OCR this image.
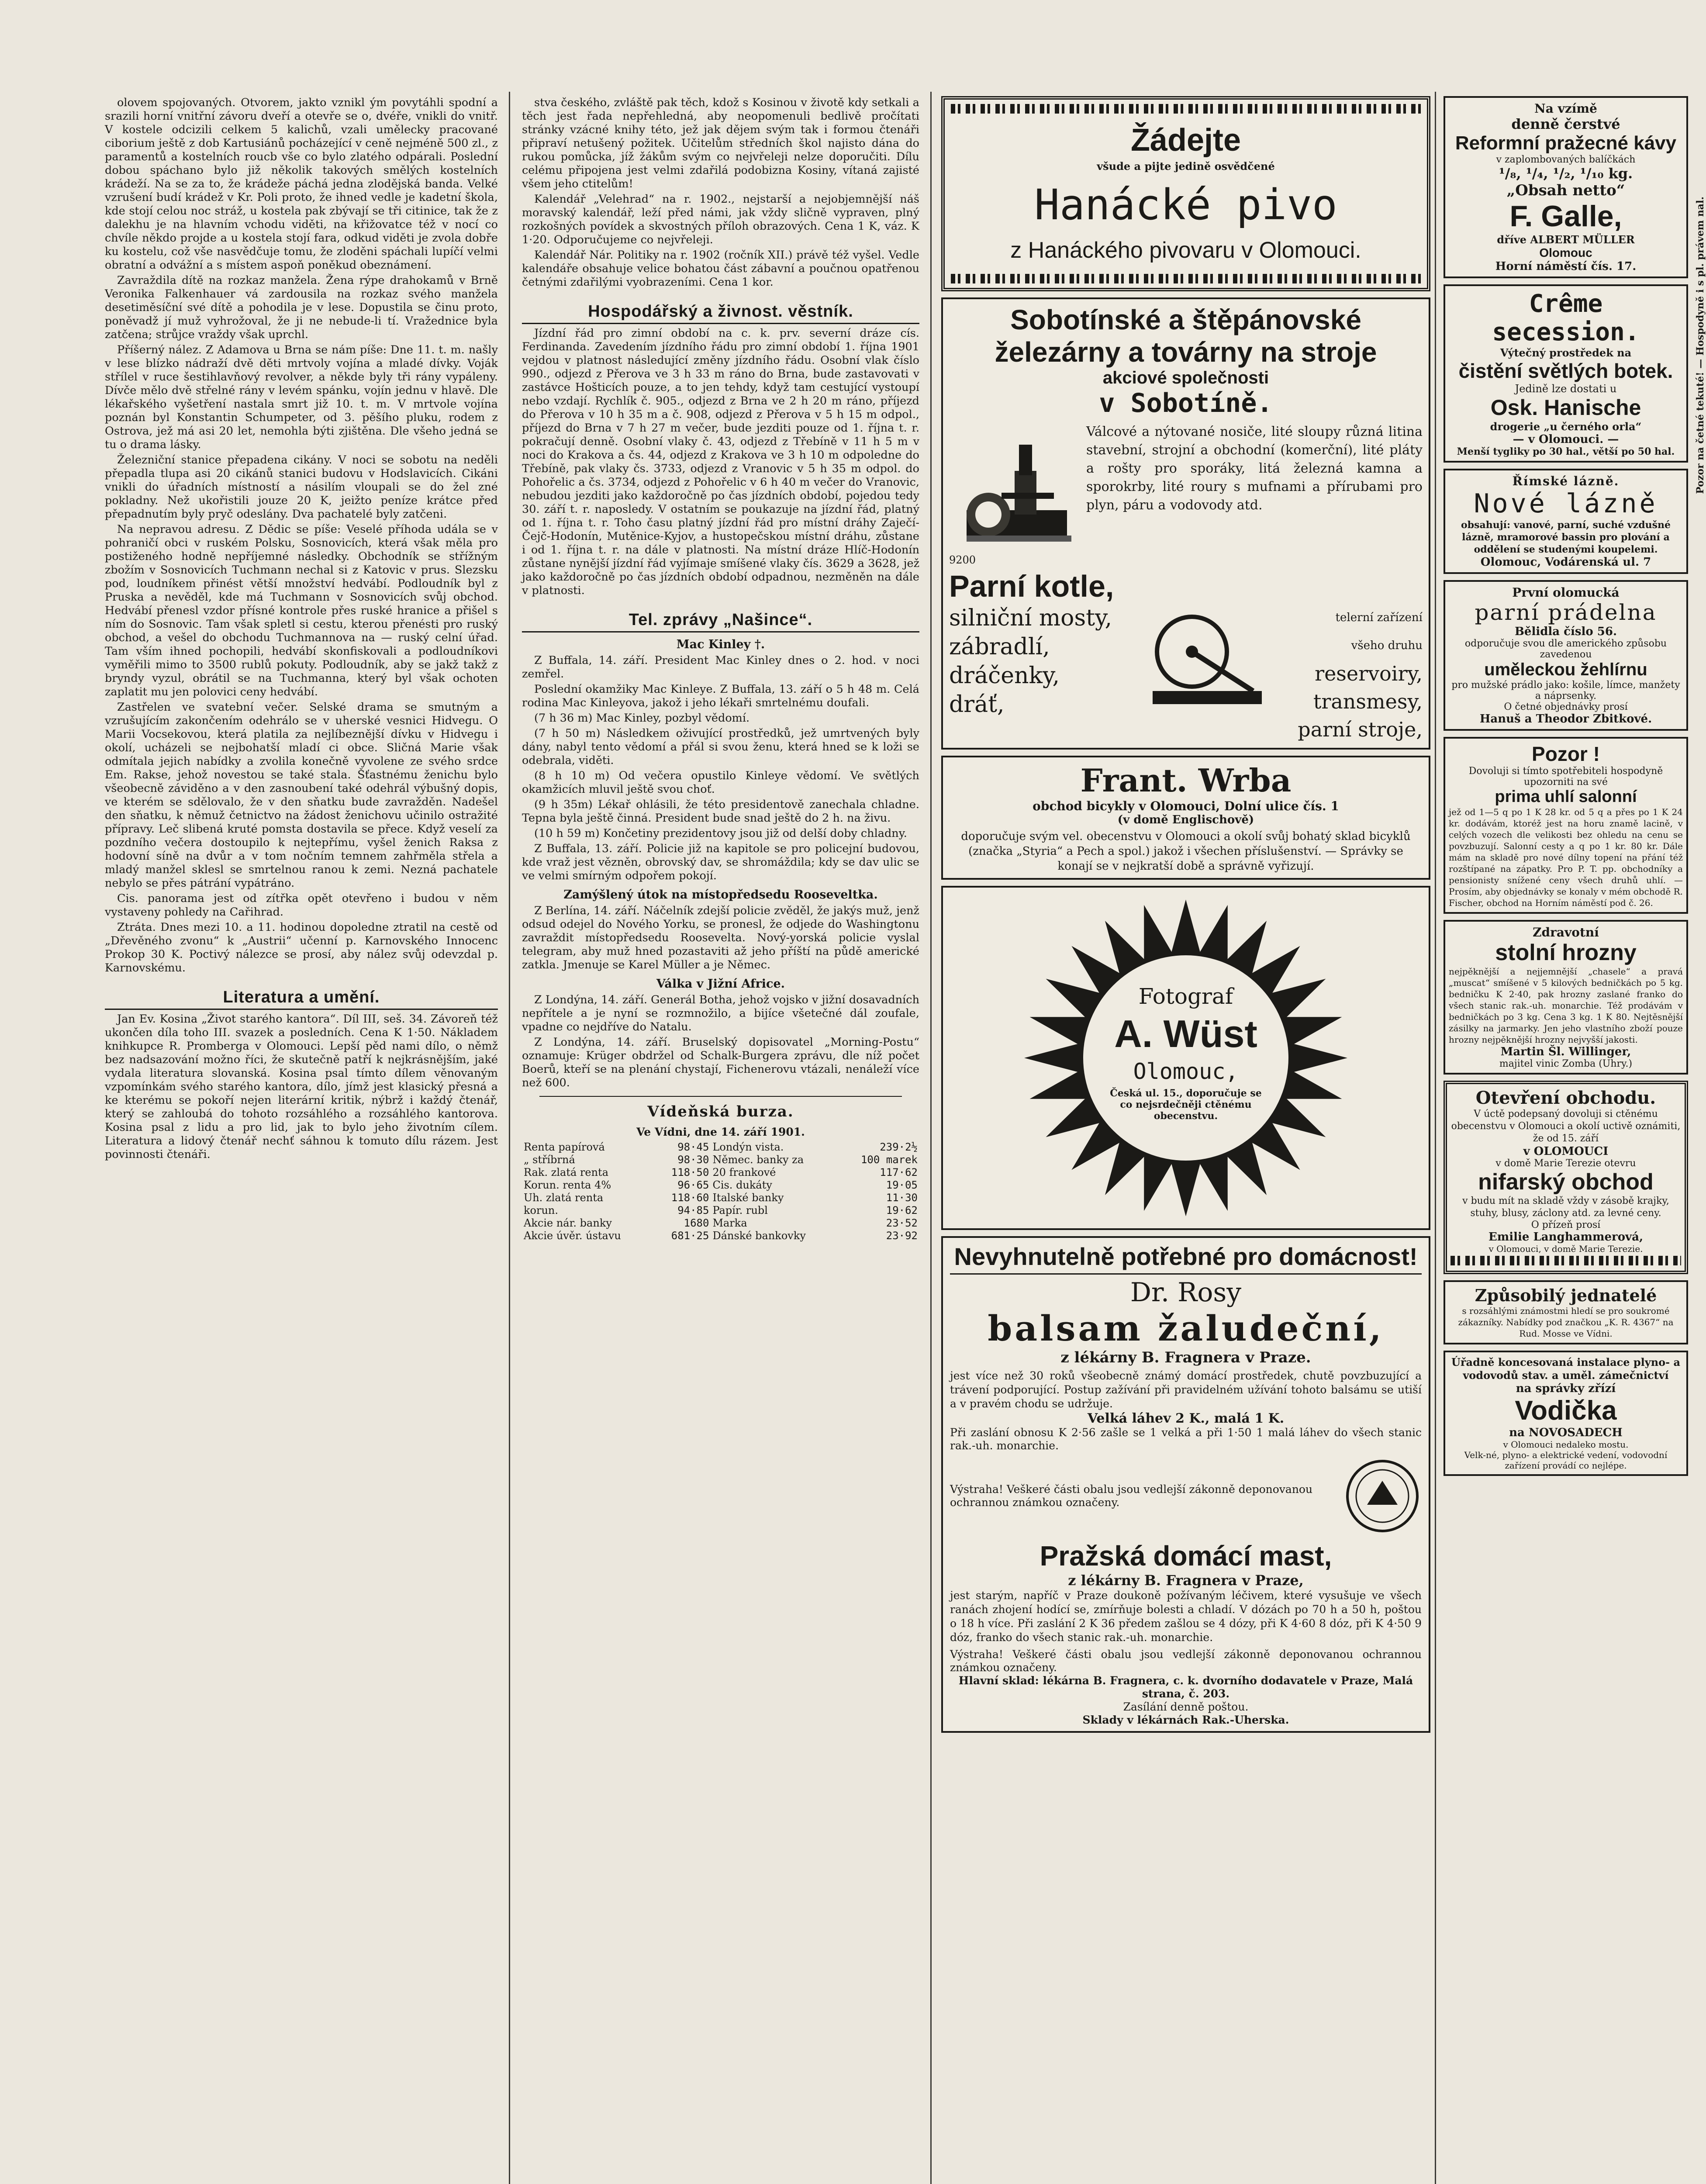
olovem spojovaných. Otvorem, jakto vznikl ým povytáhli spodní a srazili horní vnitřní závoru dveří a otevře se o, dvéře, vnikli do vnitř. V kostele odcizili celkem 5 kalichů, vzali umělecky pracované ciborium ještě z dob Kartusiánů pocházející v ceně nejméně 500 zl., z paramentů a kostelních roucb vše co bylo zlatého odpárali. Poslední dobou spáchano bylo již několik takových smělých kostelních krádeží. Na se za to, že krádeže páchá jedna zlodějská banda. Velké vzrušení budí krádež v Kr. Poli proto, že ihned vedle je kadetní škola, kde stojí celou noc stráž, u kostela pak zbývají se tři citinice, tak že z dalekhu je na hlavním vchodu viděti, na křižovatce též v nocí co chvíle někdo projde a u kostela stojí fara, odkud viděti je zvola dobře ku kostelu, což vše nasvědčuje tomu, že zloděni spáchali lupíčí velmi obratní a odvážní a s místem aspoň poněkud obeznámení.

Zavraždila dítě na rozkaz manžela. Žena rýpe drahokamů v Brně Veronika Falkenhauer vá zardousila na rozkaz svého manžela desetiměsíční své dítě a pohodila je v lese. Dopustila se činu proto, poněvadž jí muž vyhrožoval, že ji ne nebude-li tí. Vražednice byla zatčena; strůjce vraždy však uprchl.

Příšerný nález. Z Adamova u Brna se nám píše: Dne 11. t. m. našly v lese blízko nádraží dvě děti mrtvoly vojína a mladé dívky. Voják střílel v ruce šestihlavňový revolver, a někde byly tři rány vypáleny. Dívče mělo dvě střelné rány v levém spánku, vojín jednu v hlavě. Dle lékařského vyšetření nastala smrt již 10. t. m. V mrtvole vojína poznán byl Konstantin Schumpeter, od 3. pěšího pluku, rodem z Ostrova, jež má asi 20 let, nemohla býti zjištěna. Dle všeho jedná se tu o drama lásky.

Železniční stanice přepadena cikány. V noci se sobotu na neděli přepadla tlupa asi 20 cikánů stanici budovu v Hodslavicích. Cikáni vnikli do úřadních místností a násilím vloupali se do žel zné pokladny. Než ukořistili jouze 20 K, jeižto peníze krátce před přepadnutím byly pryč odeslány. Dva pachatelé byly zatčeni.

Na nepravou adresu. Z Dědic se píše: Veselé příhoda udála se v pohraničí obci v ruském Polsku, Sosnovicích, která však měla pro postiženého hodně nepříjemné následky. Obchodník se střížným zbožím v Sosnovicích Tuchmann nechal si z Katovic v prus. Slezsku pod, loudníkem přinést větší množství hedvábí. Podloudník byl z Pruska a nevěděl, kde má Tuchmann v Sosnovicích svůj obchod. Hedvábí přenesl vzdor přísné kontrole přes ruské hranice a přišel s ním do Sosnovic. Tam však spletl si cestu, kterou přenésti pro ruský obchod, a vešel do obchodu Tuchmannova na — ruský celní úřad. Tam vším ihned pochopili, hedvábí skonfiskovali a podloudníkovi vyměřili mimo to 3500 rublů pokuty. Podloudník, aby se jakž takž z bryndy vyzul, obrátil se na Tuchmanna, který byl však ochoten zaplatit mu jen polovici ceny hedvábí.

Zastřelen ve svatební večer. Selské drama se smutným a vzrušujícím zakončením odehrálo se v uherské vesnici Hidvegu. O Marii Vocsekovou, která platila za nejlíbeznější dívku v Hidvegu i okolí, ucházeli se nejbohatší mladí ci obce. Sličná Marie však odmítala jejich nabídky a zvolila konečně vyvolene ze svého srdce Em. Rakse, jehož novestou se také stala. Šťastnému ženichu bylo všeobecně záviděno a v den zasnoubení také odehrál výbušný dopis, ve kterém se sdělovalo, že v den sňatku bude zavražděn. Nadešel den sňatku, k němuž četnictvo na žádost ženichovu učinilo ostražité přípravy. Leč slibená kruté pomsta dostavila se přece. Když veselí za pozdního večera dostoupilo k nejtepřímu, vyšel ženich Raksa z hodovní síně na dvůr a v tom nočním temnem zahřměla střela a mladý manžel sklesl se smrtelnou ranou k zemi. Nezná pachatele nebylo se přes pátrání vypátráno.

Cis. panorama jest od zítřka opět otevřeno i budou v něm vystaveny pohledy na Cařihrad.

Ztráta. Dnes mezi 10. a 11. hodinou dopoledne ztratil na cestě od „Dřevěného zvonu“ k „Austrii“ učenní p. Karnovského Innocenc Prokop 30 K. Poctivý nálezce se prosí, aby nález svůj odevzdal p. Karnovskému.

Literatura a umění.

Jan Ev. Kosina „Život starého kantora“. Díl III, seš. 34. Závoreň též ukončen díla toho III. svazek a posledních. Cena K 1·50. Nákladem knihkupce R. Promberga v Olomouci. Lepší pěd nami dílo, o němž bez nadsazování možno říci, že skutečně patří k nejkrásnějším, jaké vydala literatura slovanská. Kosina psal tímto dílem věnovaným vzpomínkám svého starého kantora, dílo, jímž jest klasický přesná a ke kterému se pokoří nejen literární kritik, nýbrž i každý čtenář, který se zahloubá do tohoto rozsáhlého a rozsáhlého kantorova. Kosina psal z lidu a pro lid, jak to bylo jeho životním cílem. Literatura a lidový čtenář nechť sáhnou k tomuto dílu rázem. Jest povinnosti čtenáři.

stva českého, zvláště pak těch, kdož s Kosinou v životě kdy setkali a těch jest řada nepřehledná, aby neopomenuli bedlivě pročítati stránky vzácné knihy této, jež jak dějem svým tak i formou čtenáři připraví netušený požitek. Učitelům středních škol najisto dána do rukou pomůcka, jíž žákům svým co nejvřeleji nelze doporučiti. Dílu celému připojena jest velmi zdařilá podobizna Kosiny, vítaná zajisté všem jeho ctitelům!

Kalendář „Velehrad“ na r. 1902., nejstarší a nejobjemnější náš moravský kalendář, leží před námi, jak vždy sličně vypraven, plný rozkošných povídek a skvostných příloh obrazových. Cena 1 K, váz. K 1·20. Odporučujeme co nejvřeleji.

Kalendář Nár. Politiky na r. 1902 (ročník XII.) právě též vyšel. Vedle kalendáře obsahuje velice bohatou část zábavní a poučnou opatřenou četnými zdařilými vyobrazeními. Cena 1 kor.

Hospodářský a živnost. věstník.

Jízdní řád pro zimní období na c. k. prv. severní dráze cís. Ferdinanda. Zavedením jízdního řádu pro zimní období 1. října 1901 vejdou v platnost následující změny jízdního řádu. Osobní vlak číslo 990., odjezd z Přerova ve 3 h 33 m ráno do Brna, bude zastavovati v zastávce Hošticích pouze, a to jen tehdy, když tam cestující vystoupí nebo vzdají. Rychlík č. 905., odjezd z Brna ve 2 h 20 m ráno, příjezd do Přerova v 10 h 35 m a č. 908, odjezd z Přerova v 5 h 15 m odpol., příjezd do Brna v 7 h 27 m večer, bude jezditi pouze od 1. října t. r. pokračují denně. Osobní vlaky č. 43, odjezd z Třebíně v 11 h 5 m v noci do Krakova a čs. 44, odjezd z Krakova ve 3 h 10 m odpoledne do Třebíně, pak vlaky čs. 3733, odjezd z Vranovic v 5 h 35 m odpol. do Pohořelic a čs. 3734, odjezd z Pohořelic v 6 h 40 m večer do Vranovic, nebudou jezditi jako každoročně po čas jízdních období, pojedou tedy 30. září t. r. naposledy. V ostatním se poukazuje na jízdní řád, platný od 1. října t. r. Toho času platný jízdní řád pro místní dráhy Zaječí-Čejč-Hodonín, Mutěnice-Kyjov, a hustopečskou místní dráhu, zůstane i od 1. října t. r. na dále v platnosti. Na místní dráze Hlíč-Hodonín zůstane nynější jízdní řád vyjímaje smíšené vlaky čís. 3629 a 3628, jež jako každoročně po čas jízdních období odpadnou, nezměněn na dále v platnosti.

Tel. zprávy „Našince“.
Mac Kinley †.

Z Buffala, 14. září. President Mac Kinley dnes o 2. hod. v noci zemřel.

Poslední okamžiky Mac Kinleye. Z Buffala, 13. září o 5 h 48 m. Celá rodina Mac Kinleyova, jakož i jeho lékaři smrtelnému doufali.

(7 h 36 m) Mac Kinley, pozbyl vědomí.

(7 h 50 m) Následkem oživující prostředků, jež umrtvených byly dány, nabyl tento vědomí a přál si svou ženu, která hned se k loži se odebrala, viděti.

(8 h 10 m) Od večera opustilo Kinleye vědomí. Ve světlých okamžicích mluvil ještě svou choť.

(9 h 35m) Lékař ohlásili, že této presidentově zanechala chladne. Tepna byla ještě činná. President bude snad ještě do 2 h. na živu.

(10 h 59 m) Končetiny prezidentovy jsou již od delší doby chladny.

Z Buffala, 13. září. Policie již na kapitole se pro policejní budovou, kde vraž jest vězněn, obrovský dav, se shromáždila; kdy se dav ulic se ve velmi smírným odpořem pokojí.

Zamýšlený útok na místopředsedu Rooseveltka.

Z Berlína, 14. září. Náčelník zdejší policie zvěděl, že jakýs muž, jenž odsud odejel do Nového Yorku, se pronesl, že odjede do Washingtonu zavraždit místopředsedu Roosevelta. Nový-yorská policie vyslal telegram, aby muž hned pozastaviti až jeho příští na půdě americké zatkla. Jmenuje se Karel Müller a je Němec.

Válka v Jižní Africe.

Z Londýna, 14. září. Generál Botha, jehož vojsko v jižní dosavadních nepřítele a je nyní se rozmnožilo, a bijíce všetečné dál zoufale, vpadne co nejdříve do Natalu.

Z Londýna, 14. září. Bruselský dopisovatel „Morning-Postu“ oznamuje: Krüger obdržel od Schalk-Burgera zprávu, dle níž počet Boerů, kteří se na plenání chystají, Fichenerovu vtázali, nenáleží více než 600.

Vídeňská burza.
Ve Vídni, dne 14. září 1901.
Renta papírová	98·45	Londýn vista.	239·2½
„ stříbrná	98·30	Němec. banky za	100 marek
Rak. zlatá renta	118·50	20 frankové	117·62
Korun. renta 4%	96·65	Cis. dukáty	19·05
Uh. zlatá renta	118·60	Italské banky	11·30
korun.	94·85	Papír. rubl	19·62
Akcie nár. banky	1680	Marka	23·52
Akcie úvěr. ústavu	681·25	Dánské bankovky	23·92
Žádejte
všude a pijte jedině osvědčené
Hanácké pivo
z Hanáckého pivovaru v Olomouci.
Sobotínské a štěpánovské
železárny a továrny na stroje
akciové společnosti
v Sobotíně.
Válcové a nýtované nosiče, lité sloupy různá litina stavební, strojní a obchodní (komerční), lité pláty a rošty pro sporáky, litá železná kamna a sporokrby, lité roury s mufnami a přírubami pro plyn, páru a vodovody atd.
9200
Parní kotle,
silniční mosty,
zábradlí,
dráčenky,
dráť,
telerní zařízení
všeho druhu
reservoiry,
transmesy,
parní stroje,
Frant. Wrba
obchod bicykly v Olomouci, Dolní ulice čís. 1
(v domě Englischově)
doporučuje svým vel. obecenstvu v Olomouci a okolí svůj bohatý sklad bicyklů (značka „Styria“ a Pech a spol.) jakož i všechen příslušenství. — Správky se konají se v nejkratší době a správně vyřizují.
Fotograf
A. Wüst
Olomouc,
Česká ul. 15., doporučuje se co nejsrdečněji ctěnému obecenstvu.
Nevyhnutelně potřebné pro domácnost!
Dr. Rosy
balsam žaludeční,
z lékárny B. Fragnera v Praze.
jest více než 30 roků všeobecně známý domácí prostředek, chutě povzbuzující a trávení podporující. Postup zažívání při pravidelném užívání tohoto balsámu se utiší a v pravém chodu se udržuje.
Velká láhev 2 K., malá 1 K.
Při zaslání obnosu K 2·56 zašle se 1 velká a při 1·50 1 malá láhev do všech stanic rak.-uh. monarchie.
Výstraha! Veškeré části obalu jsou vedlejší zákonně deponovanou ochrannou známkou označeny.
Pražská domácí mast,
z lékárny B. Fragnera v Praze,
jest starým, napříč v Praze doukoně požívaným léčivem, které vysušuje ve všech ranách zhojení hodící se, zmírňuje bolesti a chladí. V dózách po 70 h a 50 h, poštou o 18 h více. Při zaslání 2 K 36 předem zašlou se 4 dózy, při K 4·60 8 dóz, při K 4·50 9 dóz, franko do všech stanic rak.-uh. monarchie.
Výstraha! Veškeré části obalu jsou vedlejší zákonně deponovanou ochrannou známkou označeny.
Hlavní sklad: lékárna B. Fragnera, c. k. dvorního dodavatele v Praze, Malá strana, č. 203.
Zasílání denně poštou.
Sklady v lékárnách Rak.-Uherska.
Na vzímě
denně čerstvé
Reformní pražecné kávy
v zaplombovaných balíčkách
¹/₈, ¹/₄, ¹/₂, ¹/₁₀ kg.
„Obsah netto“
F. Galle,
dříve ALBERT MÜLLER
Olomouc
Horní náměstí čís. 17.
Crême secession.
Výtečný prostředek na
čistění světlých botek.
Jedině lze dostati u
Osk. Hanische
drogerie „u černého orla“
— v Olomouci. —
Menší tygliky po 30 hal., větší po 50 hal.
Římské lázně.
Nové lázně
obsahují: vanové, parní, suché vzdušné lázně, mramorové bassin pro plování a oddělení se studenými koupelemi.
Olomouc, Vodárenská ul. 7
První olomucká
parní prádelna
Bělidla číslo 56.
odporučuje svou dle amerického způsobu zavedenou
uměleckou žehlírnu
pro mužské prádlo jako: košile, límce, manžety a náprsenky.
O četné objednávky prosí
Hanuš a Theodor Zbitkové.
Pozor !
Dovoluji si tímto spotřebiteli hospodyně upozorniti na své
prima uhlí salonní
jež od 1—5 q po 1 K 28 kr. od 5 q a přes po 1 K 24 kr. dodávám, ktoréž jest na horu znamě lacině, v celých vozech dle velikosti bez ohledu na cenu se povzbuzují. Salonní cesty a q po 1 kr. 80 kr. Dále mám na skladě pro nové dílny topení na přání též rozštípané na zápatky. Pro P. T. pp. obchodníky a pensionisty snížené ceny všech druhů uhlí. — Prosím, aby objednávky se konaly v mém obchodě R. Fischer, obchod na Horním náměstí pod č. 26.
Zdravotní
stolní hrozny
nejpěknější a nejjemnější „chasele“ a pravá „muscat“ smíšené v 5 kilových bedničkách po 5 kg. bedničku K 2·40, pak hrozny zaslané franko do všech stanic rak.-uh. monarchie. Též prodávám v bedničkách po 3 kg. Cena 3 kg. 1 K 80. Nejtěsnější zásilky na jarmarky. Jen jeho vlastního zboží pouze hrozny nejpěknější hrozny nejvyšší jakosti.
Martin Šl. Willinger,
majitel vinic Zomba (Uhry.)
Otevření obchodu.
V úctě podepsaný dovoluji si ctěnému obecenstvu v Olomouci a okolí uctivě oznámiti, že od 15. září
v OLOMOUCI
v domě Marie Terezie otevru
nifarský obchod
v budu mít na skladě vždy v zásobě krajky, stuhy, blusy, záclony atd. za levné ceny.
O přízeň prosí
Emilie Langhammerová,
v Olomouci, v domě Marie Terezie.
Způsobilý jednatelé
s rozsáhlými známostmi hledí se pro soukromé zákazníky. Nabídky pod značkou „K. R. 4367“ na Rud. Mosse ve Vídni.
Úřadně koncesovaná instalace plyno- a vodovodů stav. a uměl. zámečnictví
na správky zřízí
Vodička
na NOVOSADECH
v Olomouci nedaleko mostu.
Velk-né, plyno- a elektrické vedení, vodovodní zařízení provádí co nejlépe.
Pozor na četné tekuté! — Hospodyně i s pl. právem nal.
